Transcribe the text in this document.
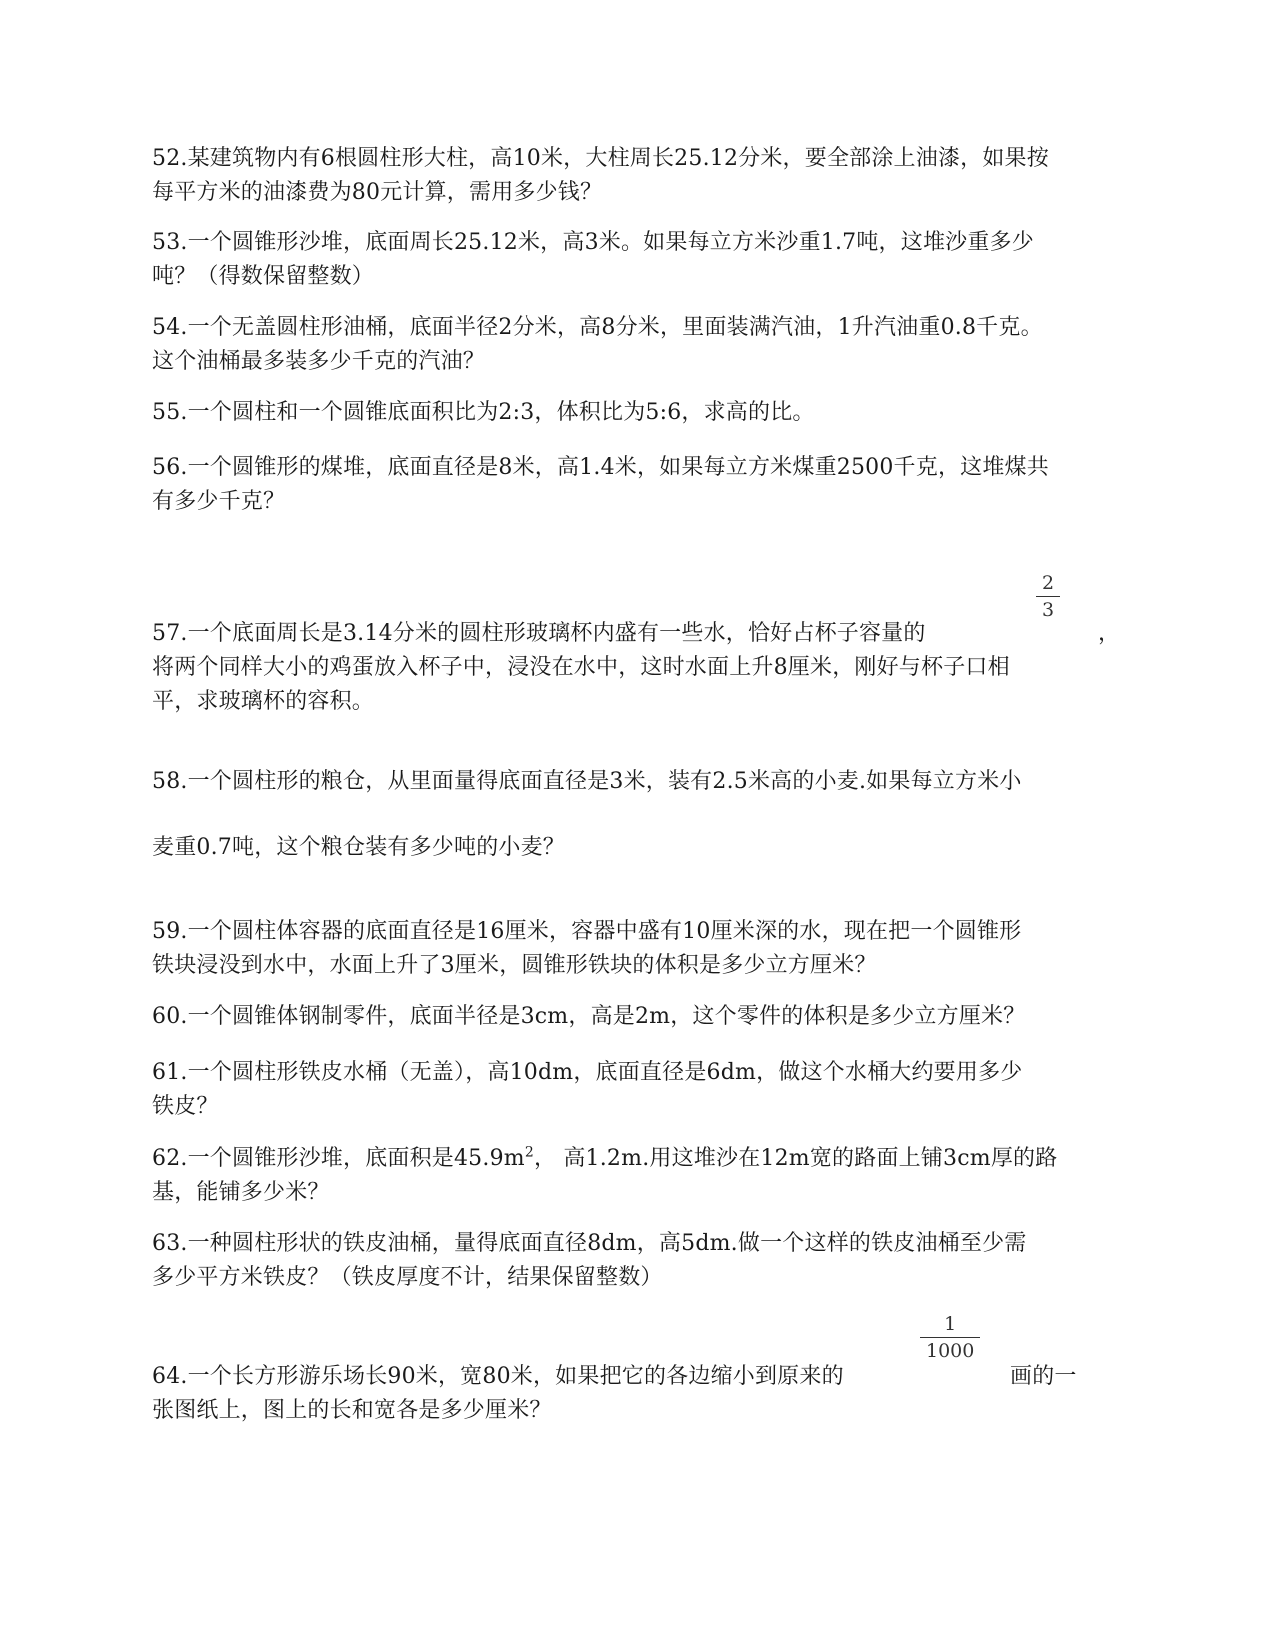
52.某建筑物内有6根圆柱形大柱，高10米，大柱周长25.12分米，要全部涂上油漆，如果按
每平方米的油漆费为80元计算，需用多少钱？
53.一个圆锥形沙堆，底面周长25.12米，高3米。如果每立方米沙重1.7吨，这堆沙重多少
吨？（得数保留整数）
54.一个无盖圆柱形油桶，底面半径2分米，高8分米，里面装满汽油，1升汽油重0.8千克。
这个油桶最多装多少千克的汽油？
55.一个圆柱和一个圆锥底面积比为2:3，体积比为5:6，求高的比。
56.一个圆锥形的煤堆，底面直径是8米，高1.4米，如果每立方米煤重2500千克，这堆煤共
有多少千克？
2
3
57.一个底面周长是3.14分米的圆柱形玻璃杯内盛有一些水，恰好占杯子容量的	，
将两个同样大小的鸡蛋放入杯子中，浸没在水中，这时水面上升8厘米，刚好与杯子口相
平，求玻璃杯的容积。
58.一个圆柱形的粮仓，从里面量得底面直径是3米，装有2.5米高的小麦.如果每立方米小
麦重0.7吨，这个粮仓装有多少吨的小麦？
59.一个圆柱体容器的底面直径是16厘米，容器中盛有10厘米深的水，现在把一个圆锥形
铁块浸没到水中，水面上升了3厘米，圆锥形铁块的体积是多少立方厘米？
60.一个圆锥体钢制零件，底面半径是3cm，高是2m，这个零件的体积是多少立方厘米？
61.一个圆柱形铁皮水桶（无盖），高10dm，底面直径是6dm，做这个水桶大约要用多少
铁皮？
62.一个圆锥形沙堆，底面积是$45.9m^2$， 高1.2m.用这堆沙在12m宽的路面上铺3cm厚的路
基，能铺多少米？
63.一种圆柱形状的铁皮油桶，量得底面直径8dm，高5dm.做一个这样的铁皮油桶至少需
多少平方米铁皮？（铁皮厚度不计，结果保留整数）
1
1000
64.一个长方形游乐场长90米，宽80米，如果把它的各边缩小到原来的	画的一
张图纸上，图上的长和宽各是多少厘米？
